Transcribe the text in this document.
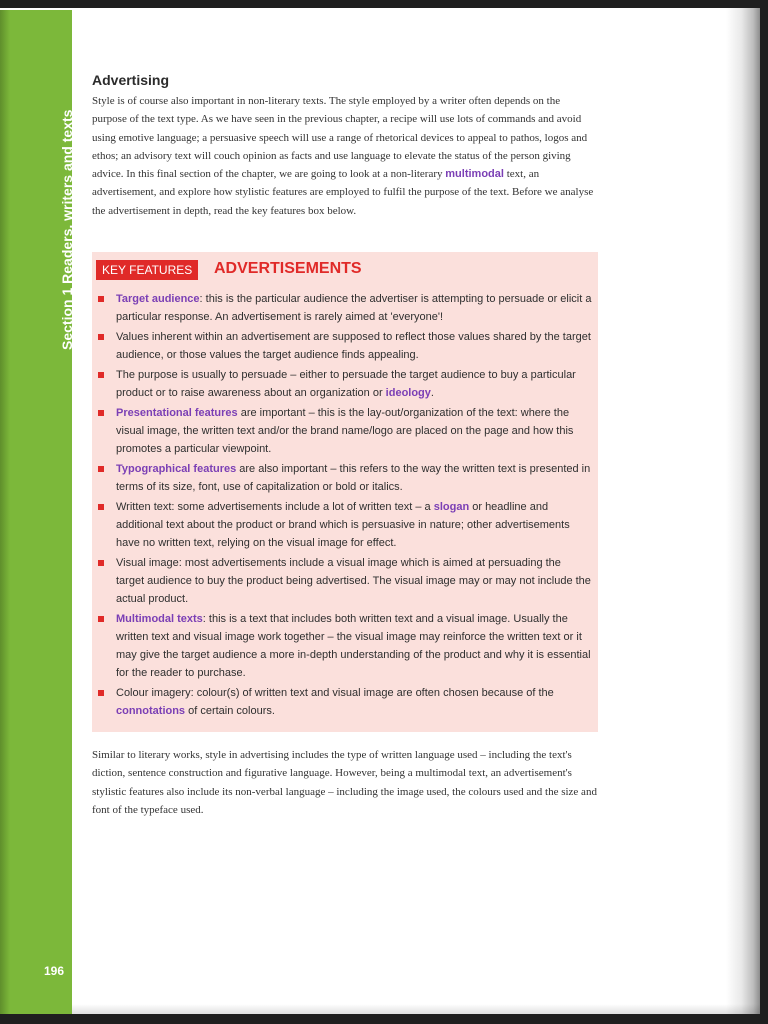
Section 1 Readers, writers and texts
196
Advertising
Style is of course also important in non-literary texts. The style employed by a writer often depends on the purpose of the text type. As we have seen in the previous chapter, a recipe will use lots of commands and avoid using emotive language; a persuasive speech will use a range of rhetorical devices to appeal to pathos, logos and ethos; an advisory text will couch opinion as facts and use language to elevate the status of the person giving advice. In this final section of the chapter, we are going to look at a non-literary multimodal text, an advertisement, and explore how stylistic features are employed to fulfil the purpose of the text. Before we analyse the advertisement in depth, read the key features box below.
KEY FEATURES	ADVERTISEMENTS
Target audience: this is the particular audience the advertiser is attempting to persuade or elicit a particular response. An advertisement is rarely aimed at 'everyone'!
Values inherent within an advertisement are supposed to reflect those values shared by the target audience, or those values the target audience finds appealing.
The purpose is usually to persuade – either to persuade the target audience to buy a particular product or to raise awareness about an organization or ideology.
Presentational features are important – this is the lay-out/organization of the text: where the visual image, the written text and/or the brand name/logo are placed on the page and how this promotes a particular viewpoint.
Typographical features are also important – this refers to the way the written text is presented in terms of its size, font, use of capitalization or bold or italics.
Written text: some advertisements include a lot of written text – a slogan or headline and additional text about the product or brand which is persuasive in nature; other advertisements have no written text, relying on the visual image for effect.
Visual image: most advertisements include a visual image which is aimed at persuading the target audience to buy the product being advertised. The visual image may or may not include the actual product.
Multimodal texts: this is a text that includes both written text and a visual image. Usually the written text and visual image work together – the visual image may reinforce the written text or it may give the target audience a more in-depth understanding of the product and why it is essential for the reader to purchase.
Colour imagery: colour(s) of written text and visual image are often chosen because of the connotations of certain colours.
Similar to literary works, style in advertising includes the type of written language used – including the text's diction, sentence construction and figurative language. However, being a multimodal text, an advertisement's stylistic features also include its non-verbal language – including the image used, the colours used and the size and font of the typeface used.
